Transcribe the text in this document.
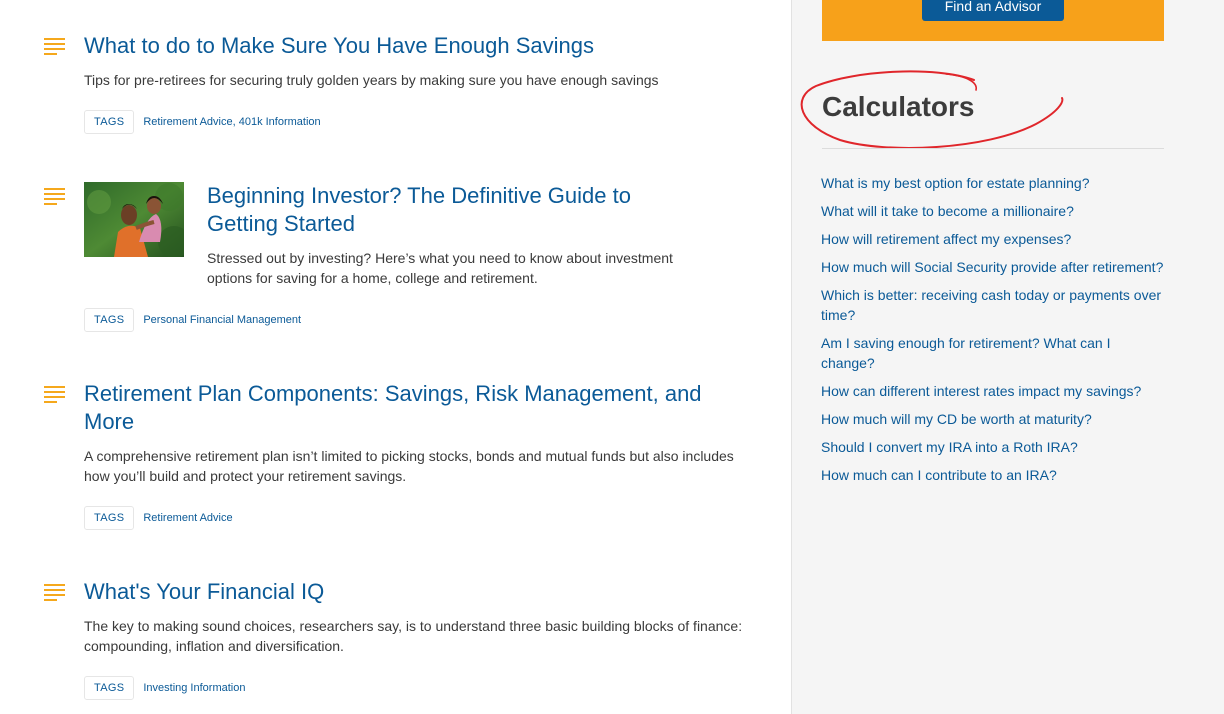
What to do to Make Sure You Have Enough Savings

Tips for pre-retirees for securing truly golden years by making sure you have enough savings

TAGS	Retirement Advice, 401k Information
Beginning Investor? The Definitive Guide to Getting Started

Stressed out by investing? Here’s what you need to know about investment options for saving for a home, college and retirement.

TAGS	Personal Financial Management
Retirement Plan Components: Savings, Risk Management, and More

A comprehensive retirement plan isn’t limited to picking stocks, bonds and mutual funds but also includes how you’ll build and protect your retirement savings.

TAGS	Retirement Advice
What's Your Financial IQ

The key to making sound choices, researchers say, is to understand three basic building blocks of finance: compounding, inflation and diversification.

TAGS	Investing Information
Find an Advisor
Calculators
What is my best option for estate planning?
What will it take to become a millionaire?
How will retirement affect my expenses?
How much will Social Security provide after retirement?
Which is better: receiving cash today or payments over time?
Am I saving enough for retirement? What can I change?
How can different interest rates impact my savings?
How much will my CD be worth at maturity?
Should I convert my IRA into a Roth IRA?
How much can I contribute to an IRA?
